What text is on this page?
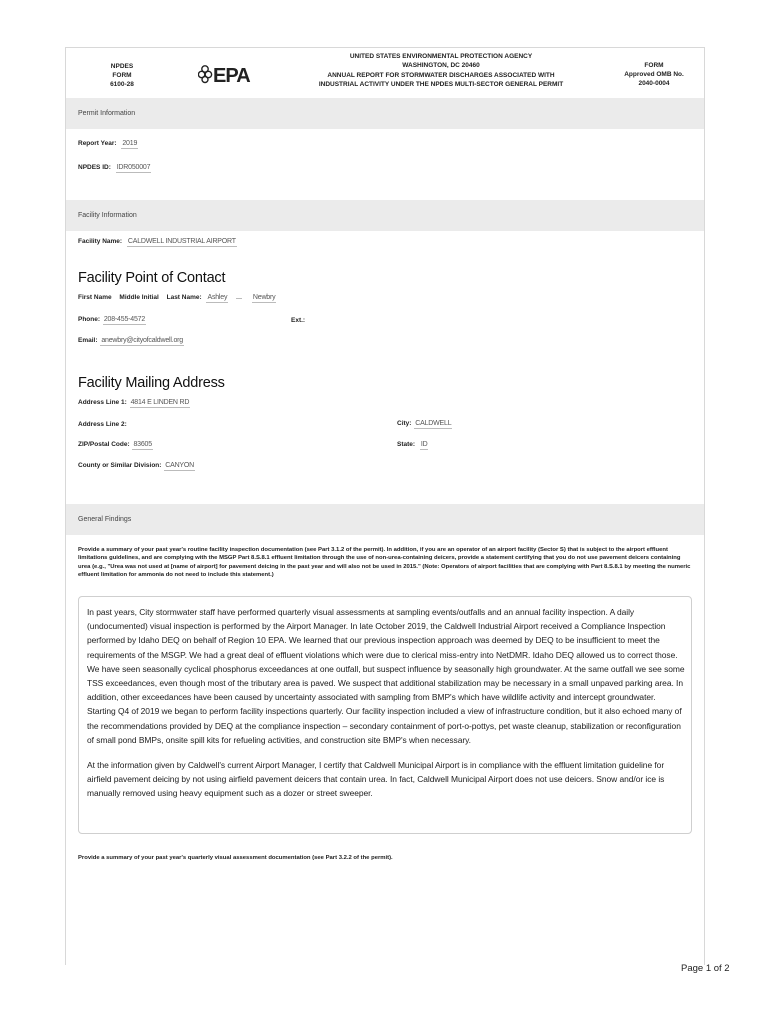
NPDES
FORM
6100-28	EPA
UNITED STATES ENVIRONMENTAL PROTECTION AGENCY
WASHINGTON, DC 20460
ANNUAL REPORT FOR STORMWATER DISCHARGES ASSOCIATED WITH
INDUSTRIAL ACTIVITY UNDER THE NPDES MULTI-SECTOR GENERAL PERMIT
FORM
Approved OMB No.
2040-0004
Permit Information
Report Year: 2019
NPDES ID: IDR050007
Facility Information
Facility Name: CALDWELL INDUSTRIAL AIRPORT
Facility Point of Contact
First Name Middle Initial Last Name: Ashley	Newbry
Phone: 208-455-4572	Ext.:
Email: anewbry@cityofcaldwell.org
Facility Mailing Address
Address Line 1: 4814 E LINDEN RD
Address Line 2:	City: CALDWELL
ZIP/Postal Code: 83605	State: ID
County or Similar Division: CANYON
General Findings
Provide a summary of your past year's routine facility inspection documentation (see Part 3.1.2 of the permit). In addition, if you are an operator of an airport facility (Sector S) that is subject to the airport effluent limitations guidelines, and are complying with the MSGP Part 8.S.8.1 effluent limitation through the use of non-urea-containing deicers, provide a statement certifying that you do not use pavement deicers containing urea (e.g., "Urea was not used at [name of airport] for pavement deicing in the past year and will also not be used in 2015." (Note: Operators of airport facilities that are complying with Part 8.S.8.1 by meeting the numeric effluent limitation for ammonia do not need to include this statement.)

In past years, City stormwater staff have performed quarterly visual assessments at sampling events/outfalls and an annual facility inspection. A daily (undocumented) visual inspection is performed by the Airport Manager. In late October 2019, the Caldwell Industrial Airport received a Compliance Inspection performed by Idaho DEQ on behalf of Region 10 EPA. We learned that our previous inspection approach was deemed by DEQ to be insufficient to meet the requirements of the MSGP. We had a great deal of effluent violations which were due to clerical miss-entry into NetDMR. Idaho DEQ allowed us to correct those. We have seen seasonally cyclical phosphorus exceedances at one outfall, but suspect influence by seasonally high groundwater. At the same outfall we see some TSS exceedances, even though most of the tributary area is paved. We suspect that additional stabilization may be necessary in a small unpaved parking area. In addition, other exceedances have been caused by uncertainty associated with sampling from BMP's which have wildlife activity and intercept groundwater. Starting Q4 of 2019 we began to perform facility inspections quarterly. Our facility inspection included a view of infrastructure condition, but it also echoed many of the recommendations provided by DEQ at the compliance inspection – secondary containment of port-o-pottys, pet waste cleanup, stabilization or reconfiguration of small pond BMPs, onsite spill kits for refueling activities, and construction site BMP's when necessary.

At the information given by Caldwell's current Airport Manager, I certify that Caldwell Municipal Airport is in compliance with the effluent limitation guideline for airfield pavement deicing by not using airfield pavement deicers that contain urea. In fact, Caldwell Municipal Airport does not use deicers. Snow and/or ice is manually removed using heavy equipment such as a dozer or street sweeper.

Provide a summary of your past year's quarterly visual assessment documentation (see Part 3.2.2 of the permit).
Page 1 of 2
